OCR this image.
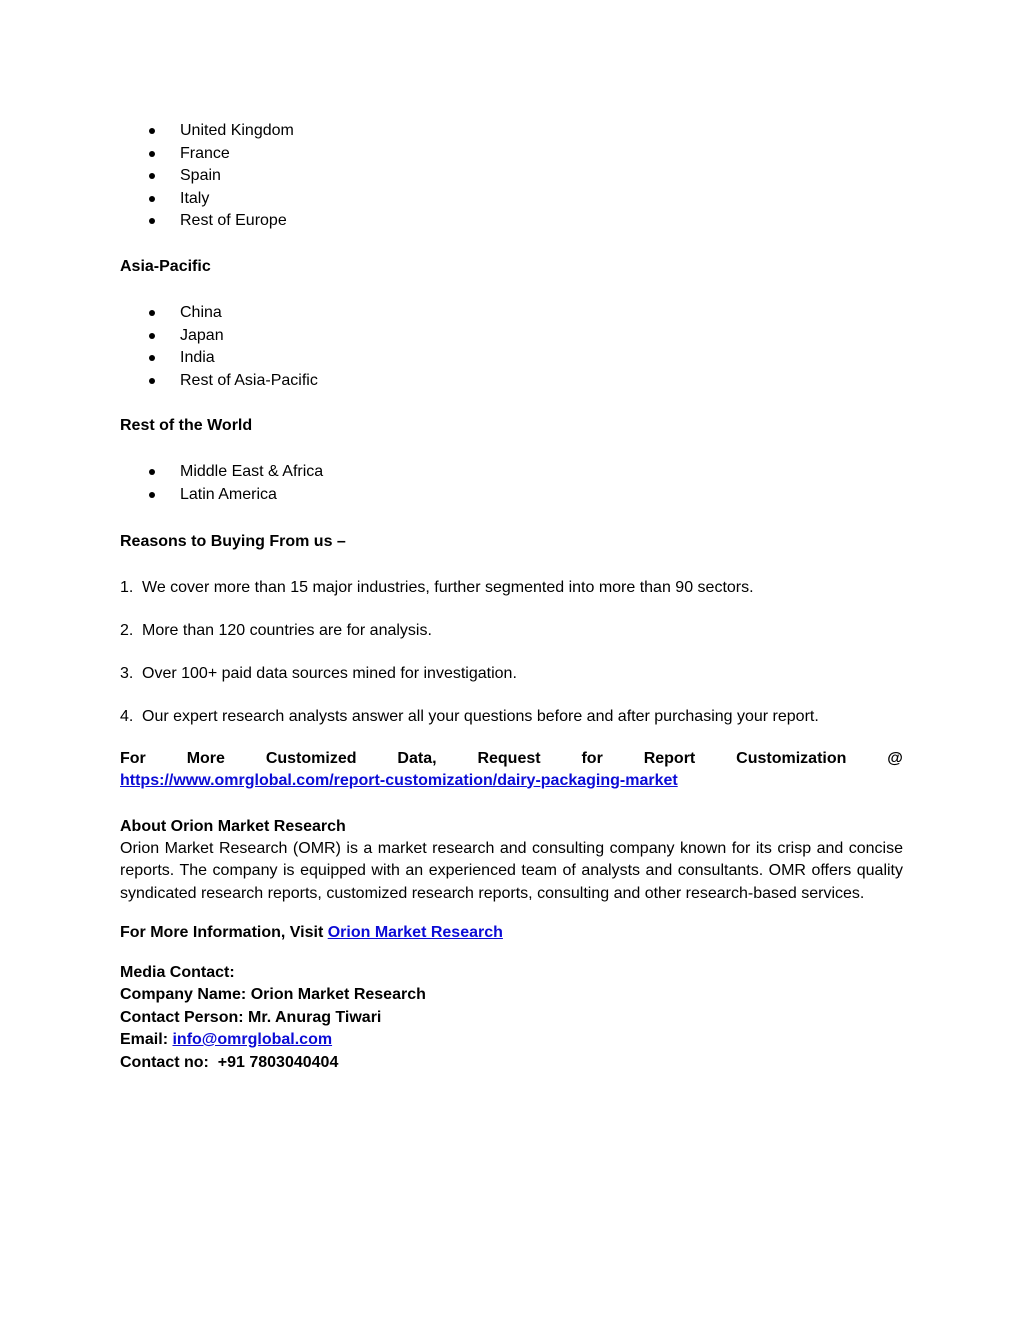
United Kingdom
France
Spain
Italy
Rest of Europe
Asia-Pacific
China
Japan
India
Rest of Asia-Pacific
Rest of the World
Middle East & Africa
Latin America
Reasons to Buying From us –
1. We cover more than 15 major industries, further segmented into more than 90 sectors.
2. More than 120 countries are for analysis.
3. Over 100+ paid data sources mined for investigation.
4. Our expert research analysts answer all your questions before and after purchasing your report.
For	More	Customized	Data,	Request	for	Report	Customization	@
https://www.omrglobal.com/report-customization/dairy-packaging-market
About Orion Market Research
Orion Market Research (OMR) is a market research and consulting company known for its crisp and concise reports. The company is equipped with an experienced team of analysts and consultants. OMR offers quality syndicated research reports, customized research reports, consulting and other research-based services.
For More Information, Visit Orion Market Research
Media Contact:
Company Name: Orion Market Research
Contact Person: Mr. Anurag Tiwari
Email: info@omrglobal.com
Contact no:  +91 7803040404
